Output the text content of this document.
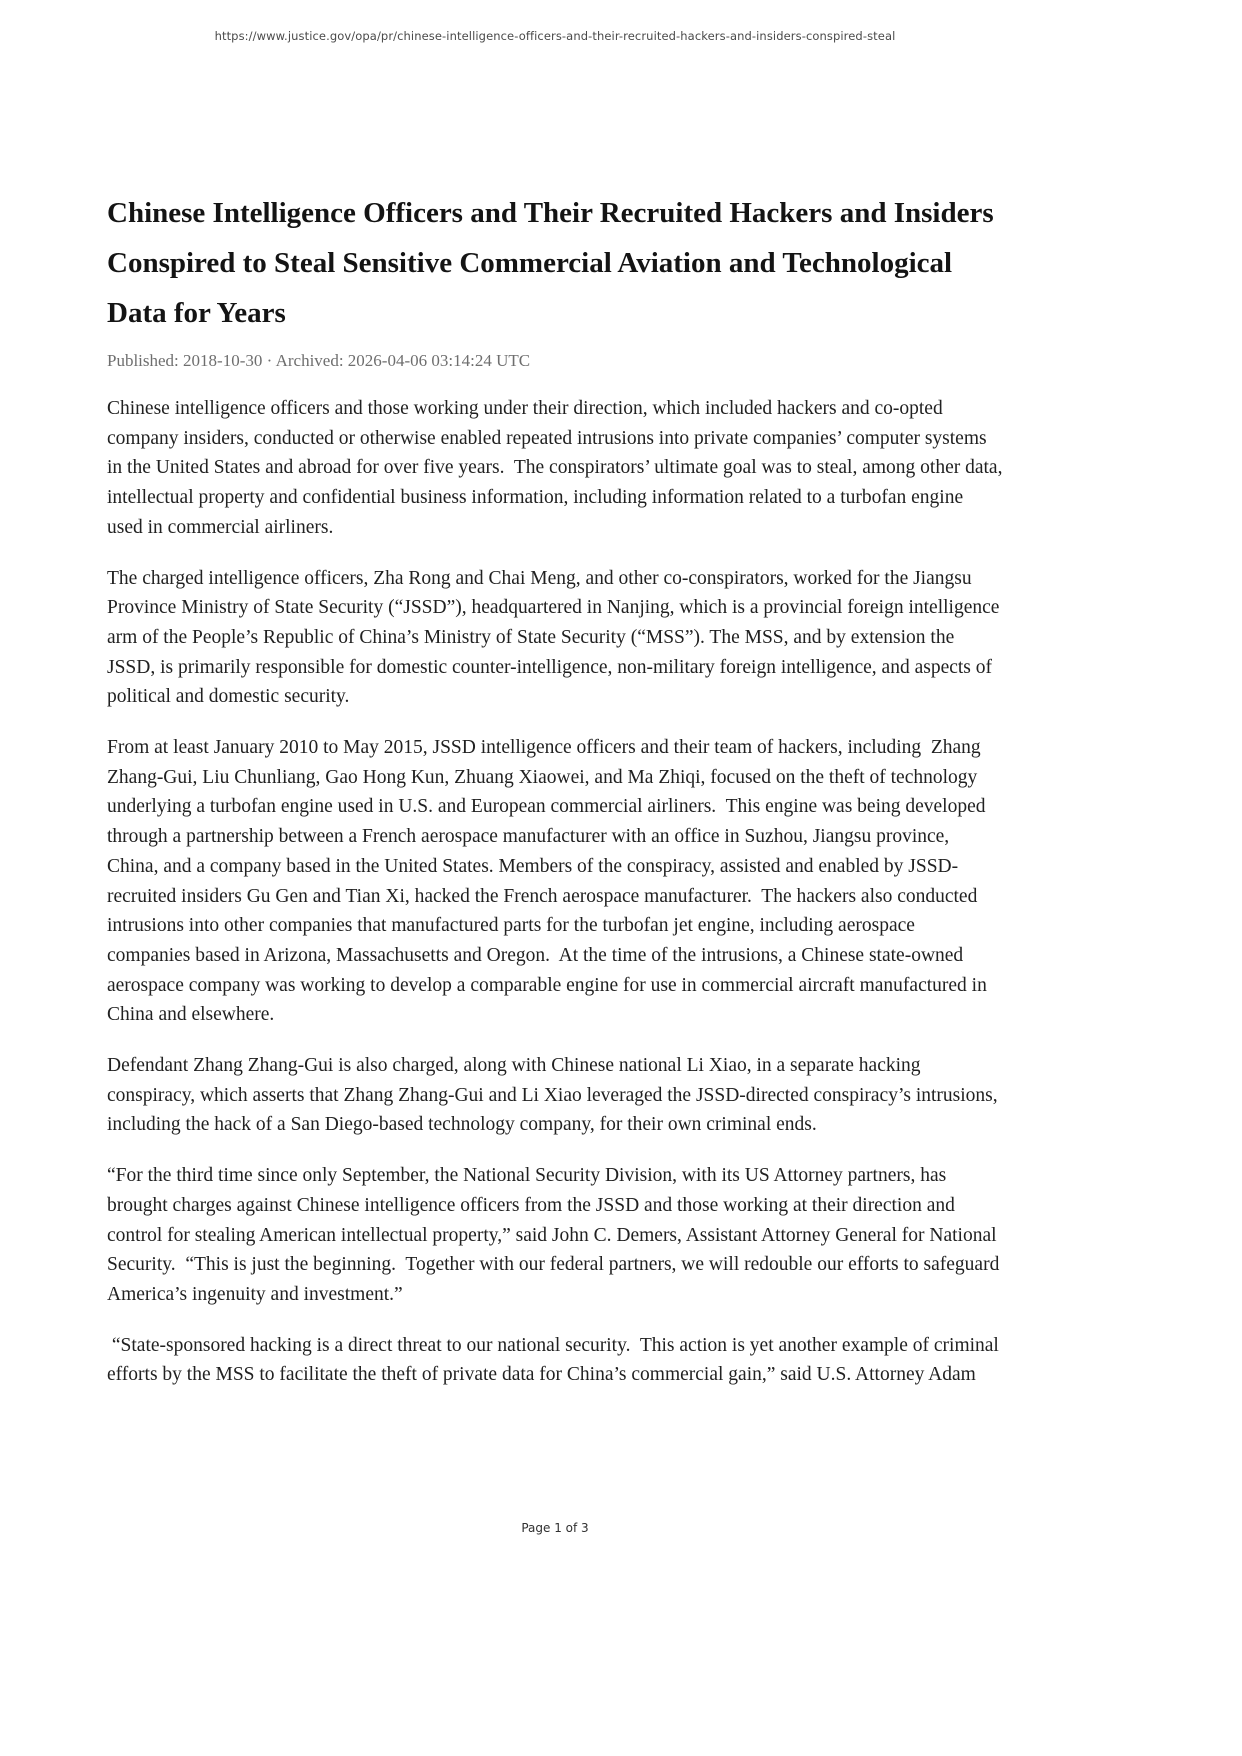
https://www.justice.gov/opa/pr/chinese-intelligence-officers-and-their-recruited-hackers-and-insiders-conspired-steal
Chinese Intelligence Officers and Their Recruited Hackers and Insiders Conspired to Steal Sensitive Commercial Aviation and Technological Data for Years

Published: 2018-10-30 · Archived: 2026-04-06 03:14:24 UTC

Chinese intelligence officers and those working under their direction, which included hackers and co-opted company insiders, conducted or otherwise enabled repeated intrusions into private companies’ computer systems in the United States and abroad for over five years.  The conspirators’ ultimate goal was to steal, among other data, intellectual property and confidential business information, including information related to a turbofan engine used in commercial airliners.

The charged intelligence officers, Zha Rong and Chai Meng, and other co-conspirators, worked for the Jiangsu Province Ministry of State Security (“JSSD”), headquartered in Nanjing, which is a provincial foreign intelligence arm of the People’s Republic of China’s Ministry of State Security (“MSS”). The MSS, and by extension the JSSD, is primarily responsible for domestic counter-intelligence, non-military foreign intelligence, and aspects of political and domestic security.

From at least January 2010 to May 2015, JSSD intelligence officers and their team of hackers, including  Zhang Zhang-Gui, Liu Chunliang, Gao Hong Kun, Zhuang Xiaowei, and Ma Zhiqi, focused on the theft of technology underlying a turbofan engine used in U.S. and European commercial airliners.  This engine was being developed through a partnership between a French aerospace manufacturer with an office in Suzhou, Jiangsu province, China, and a company based in the United States. Members of the conspiracy, assisted and enabled by JSSD-recruited insiders Gu Gen and Tian Xi, hacked the French aerospace manufacturer.  The hackers also conducted intrusions into other companies that manufactured parts for the turbofan jet engine, including aerospace companies based in Arizona, Massachusetts and Oregon.  At the time of the intrusions, a Chinese state-owned aerospace company was working to develop a comparable engine for use in commercial aircraft manufactured in China and elsewhere.

Defendant Zhang Zhang-Gui is also charged, along with Chinese national Li Xiao, in a separate hacking conspiracy, which asserts that Zhang Zhang-Gui and Li Xiao leveraged the JSSD-directed conspiracy’s intrusions, including the hack of a San Diego-based technology company, for their own criminal ends.

“For the third time since only September, the National Security Division, with its US Attorney partners, has brought charges against Chinese intelligence officers from the JSSD and those working at their direction and control for stealing American intellectual property,” said John C. Demers, Assistant Attorney General for National Security.  “This is just the beginning.  Together with our federal partners, we will redouble our efforts to safeguard America’s ingenuity and investment.”

“State-sponsored hacking is a direct threat to our national security.  This action is yet another example of criminal efforts by the MSS to facilitate the theft of private data for China’s commercial gain,” said U.S. Attorney Adam

Page 1 of 3
